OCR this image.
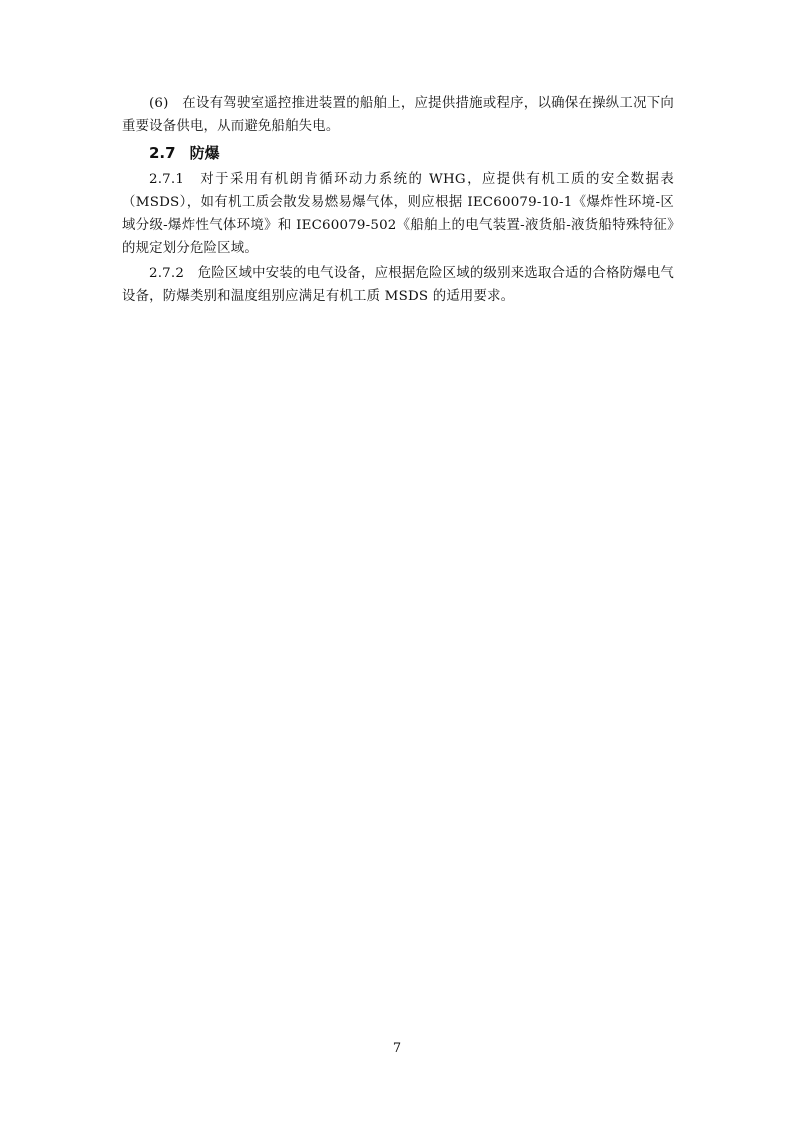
(6)　在设有驾驶室遥控推进装置的船舶上，应提供措施或程序，以确保在操纵工况下向重要设备供电，从而避免船舶失电。

2.7 防爆

2.7.1　对于采用有机朗肯循环动力系统的 WHG，应提供有机工质的安全数据表（MSDS），如有机工质会散发易燃易爆气体，则应根据 IEC60079-10-1《爆炸性环境-区域分级-爆炸性气体环境》和 IEC60079-502《船舶上的电气装置-液货船-液货船特殊特征》的规定划分危险区域。

2.7.2　危险区域中安装的电气设备，应根据危险区域的级别来选取合适的合格防爆电气设备，防爆类别和温度组别应满足有机工质 MSDS 的适用要求。

7
